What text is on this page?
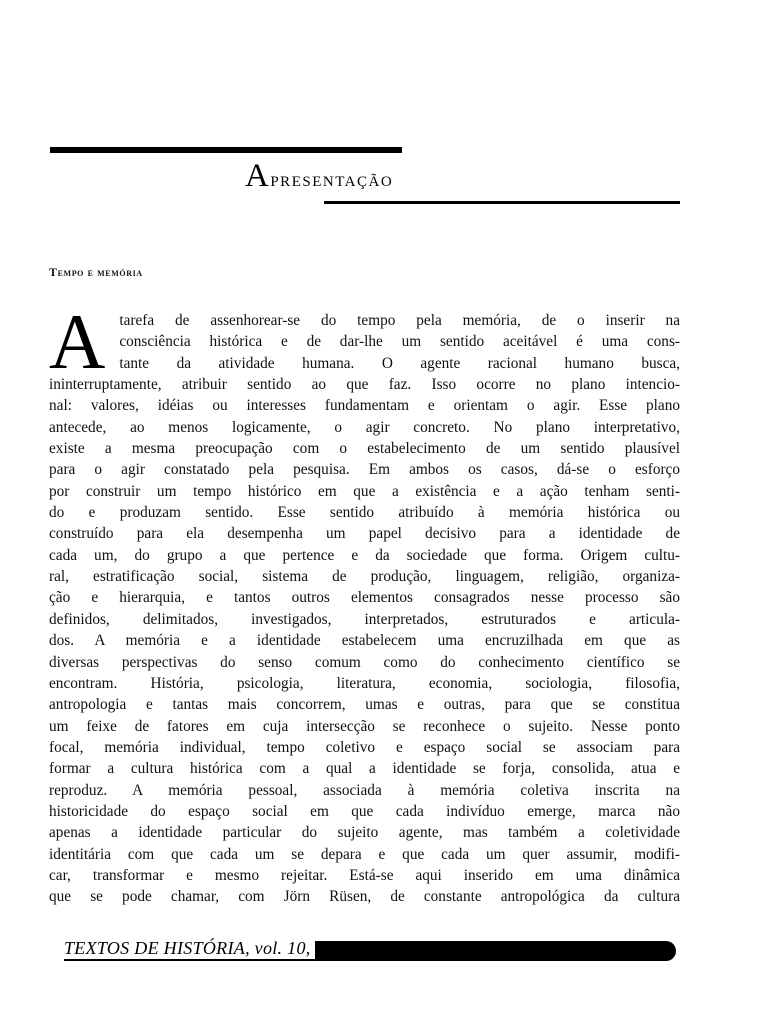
Apresentação
Tempo e memória
A tarefa de assenhorear-se do tempo pela memória, de o inserir na
consciência histórica e de dar-lhe um sentido aceitável é uma cons-
tante da atividade humana. O agente racional humano busca,
ininterruptamente, atribuir sentido ao que faz. Isso ocorre no plano intencio-
nal: valores, idéias ou interesses fundamentam e orientam o agir. Esse plano
antecede, ao menos logicamente, o agir concreto. No plano interpretativo,
existe a mesma preocupação com o estabelecimento de um sentido plausível
para o agir constatado pela pesquisa. Em ambos os casos, dá-se o esforço
por construir um tempo histórico em que a existência e a ação tenham senti-
do e produzam sentido. Esse sentido atribuído à memória histórica ou
construído para ela desempenha um papel decisivo para a identidade de
cada um, do grupo a que pertence e da sociedade que forma. Origem cultu-
ral, estratificação social, sistema de produção, linguagem, religião, organiza-
ção e hierarquia, e tantos outros elementos consagrados nesse processo são
definidos, delimitados, investigados, interpretados, estruturados e articula-
dos. A memória e a identidade estabelecem uma encruzilhada em que as
diversas perspectivas do senso comum como do conhecimento científico se
encontram. História, psicologia, literatura, economia, sociologia, filosofia,
antropologia e tantas mais concorrem, umas e outras, para que se constitua
um feixe de fatores em cuja intersecção se reconhece o sujeito. Nesse ponto
focal, memória individual, tempo coletivo e espaço social se associam para
formar a cultura histórica com a qual a identidade se forja, consolida, atua e
reproduz. A memória pessoal, associada à memória coletiva inscrita na
historicidade do espaço social em que cada indivíduo emerge, marca não
apenas a identidade particular do sujeito agente, mas também a coletividade
identitária com que cada um se depara e que cada um quer assumir, modifi-
car, transformar e mesmo rejeitar. Está-se aqui inserido em uma dinâmica
que se pode chamar, com Jörn Rüsen, de constante antropológica da cultura

TEXTOS DE HISTÓRIA, vol. 10,
